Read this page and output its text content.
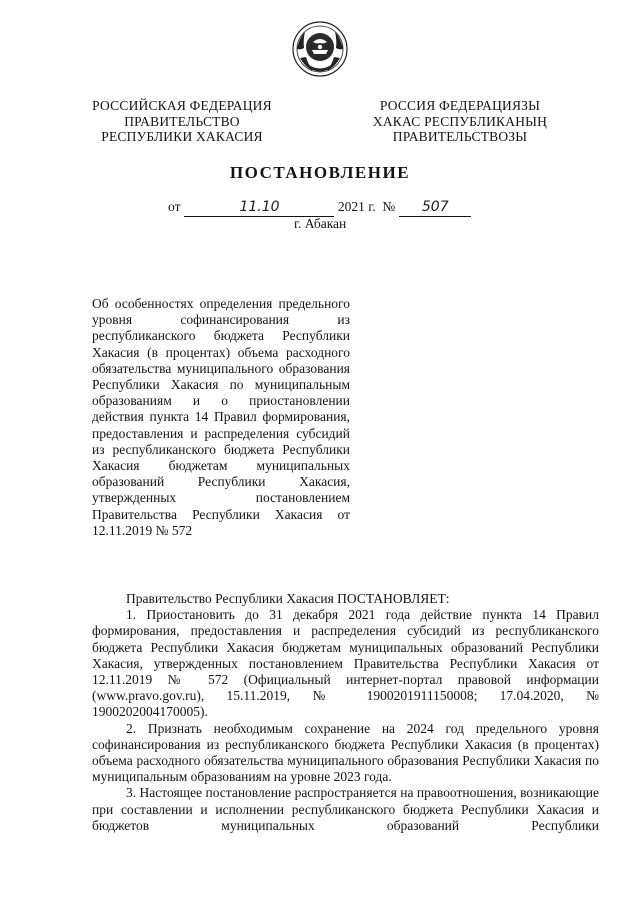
РОССИЙСКАЯ ФЕДЕРАЦИЯ
ПРАВИТЕЛЬСТВО
РЕСПУБЛИКИ ХАКАСИЯ
РОССИЯ ФЕДЕРАЦИЯЗЫ
ХАКАС РЕСПУБЛИКАНЫҢ
ПРАВИТЕЛЬСТВОЗЫ
ПОСТАНОВЛЕНИЕ
от	11.10	2021 г. № 507
г. Абакан
Об особенностях определения предельного уровня софинансирования из республиканского бюджета Республики Хакасия (в процентах) объема расходного обязательства муниципального образования Республики Хакасия по муниципальным образованиям и о приостановлении действия пункта 14 Правил формирования, предоставления и распределения субсидий из республиканского бюджета Республики Хакасия бюджетам муниципальных образований Республики Хакасия, утвержденных постановлением Правительства Республики Хакасия от 12.11.2019 № 572

Правительство Республики Хакасия ПОСТАНОВЛЯЕТ:

1. Приостановить до 31 декабря 2021 года действие пункта 14 Правил формирования, предоставления и распределения субсидий из республиканского бюджета Республики Хакасия бюджетам муниципальных образований Республики Хакасия, утвержденных постановлением Правительства Республики Хакасия от 12.11.2019 № 572 (Официальный интернет-портал правовой информации (www.pravo.gov.ru), 15.11.2019, № 1900201911150008; 17.04.2020, № 1900202004170005).

2. Признать необходимым сохранение на 2024 год предельного уровня софинансирования из республиканского бюджета Республики Хакасия (в процентах) объема расходного обязательства муниципального образования Республики Хакасия по муниципальным образованиям на уровне 2023 года.

3. Настоящее постановление распространяется на правоотношения, возникающие при составлении и исполнении республиканского бюджета Республики Хакасия и бюджетов муниципальных образований Республики
